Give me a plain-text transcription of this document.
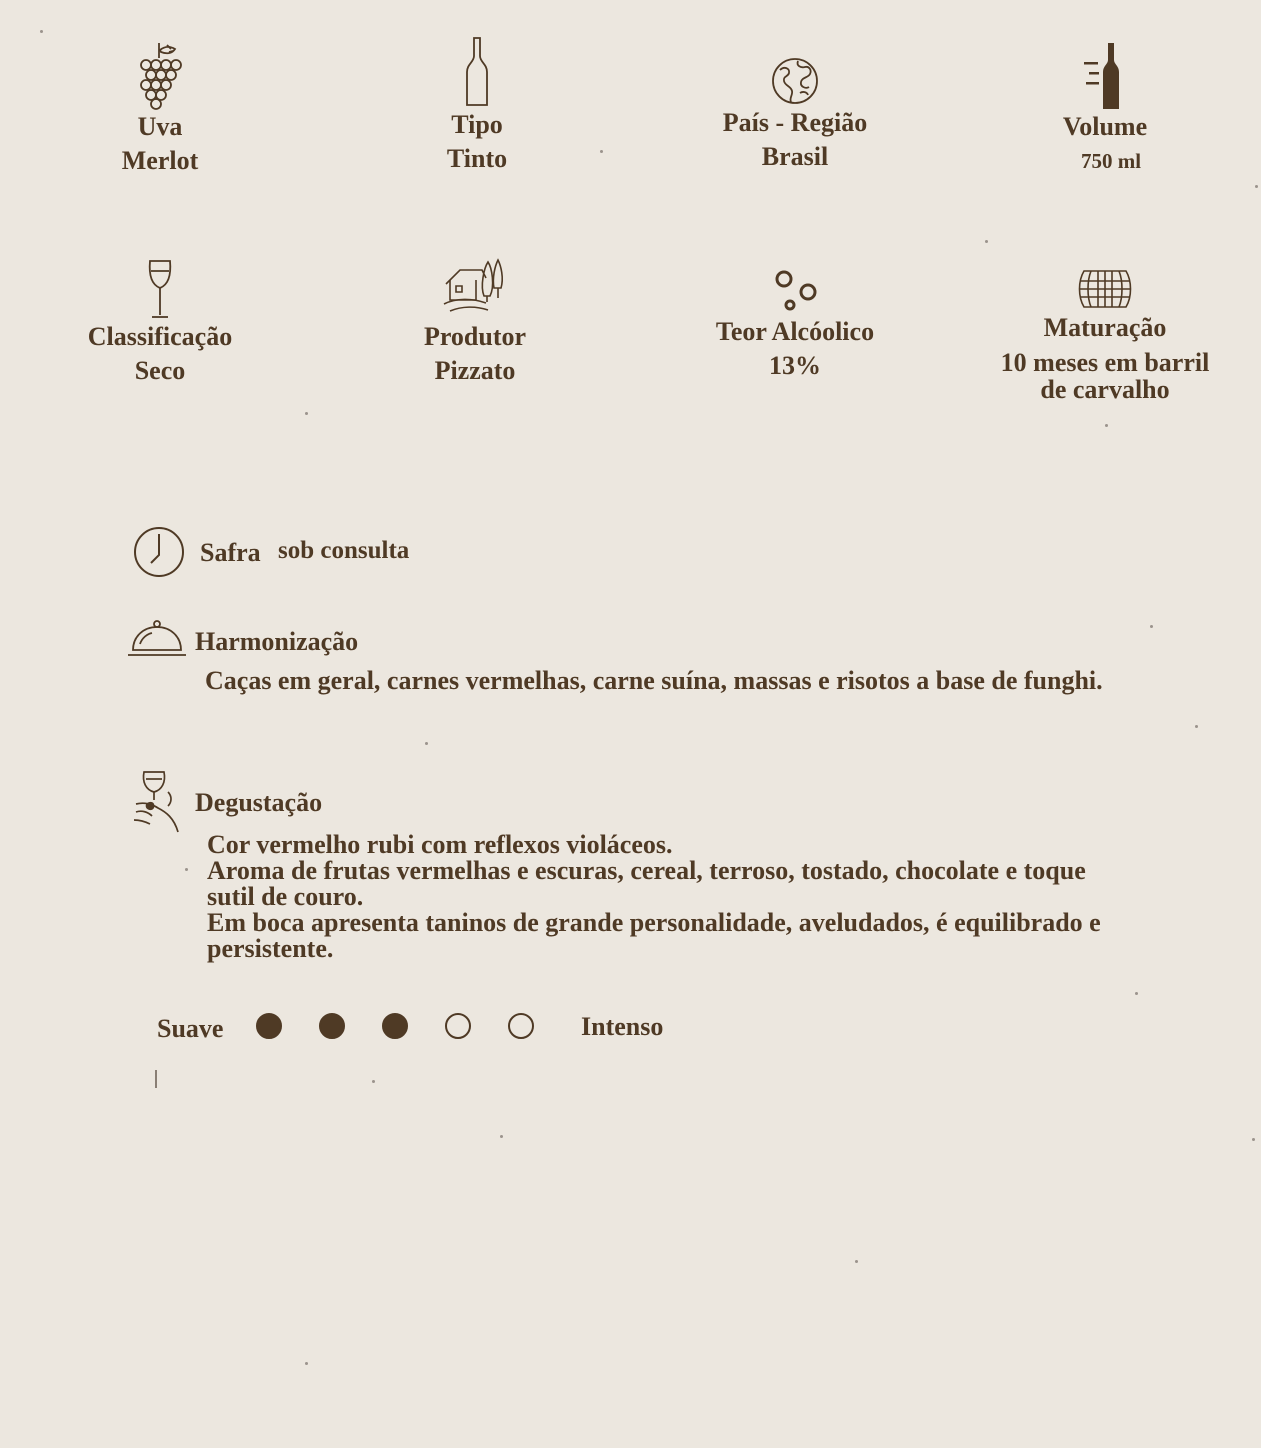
Uva
Merlot
Tipo
Tinto
País - Região
Brasil
Volume
750 ml
Classificação
Seco
Produtor
Pizzato
Teor Alcóolico
13%
Maturação
10 meses em barril de carvalho
Safra sob consulta
Harmonização
Caças em geral, carnes vermelhas, carne suína, massas e risotos a base de funghi.
Degustação
Cor vermelho rubi com reflexos violáceos.
Aroma de frutas vermelhas e escuras, cereal, terroso, tostado, chocolate e toque sutil de couro.
Em boca apresenta taninos de grande personalidade, aveludados, é equilibrado e persistente.
Suave	Intenso
